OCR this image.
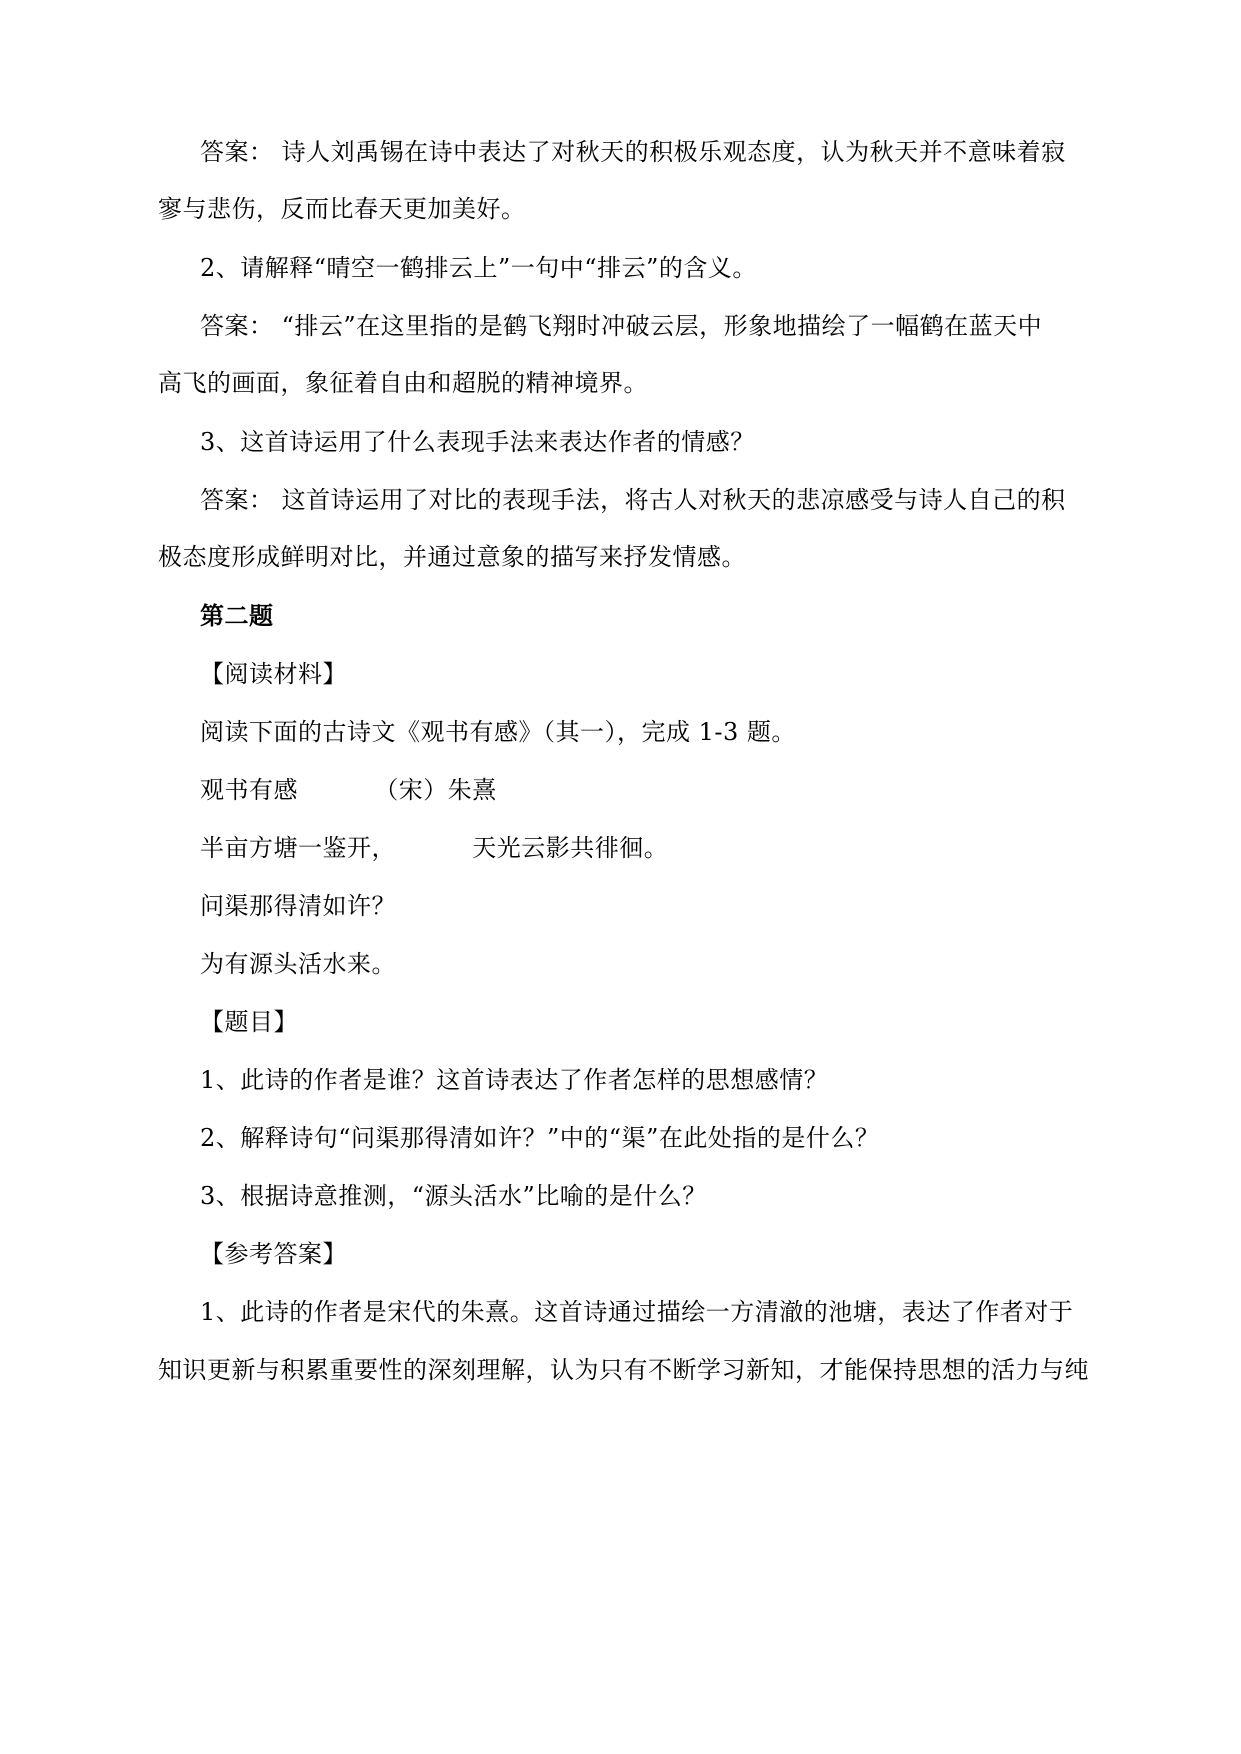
答案： 诗人刘禹锡在诗中表达了对秋天的积极乐观态度，认为秋天并不意味着寂
寥与悲伤，反而比春天更加美好。
2、请解释“晴空一鹤排云上”一句中“排云”的含义。
答案： “排云”在这里指的是鹤飞翔时冲破云层，形象地描绘了一幅鹤在蓝天中
高飞的画面，象征着自由和超脱的精神境界。
3、这首诗运用了什么表现手法来表达作者的情感？
答案： 这首诗运用了对比的表现手法，将古人对秋天的悲凉感受与诗人自己的积
极态度形成鲜明对比，并通过意象的描写来抒发情感。
第二题
【阅读材料】
阅读下面的古诗文《观书有感》（其一），完成 1-3 题。
观书有感	（宋）朱熹
半亩方塘一鉴开，	天光云影共徘徊。
问渠那得清如许？
为有源头活水来。
【题目】
1、此诗的作者是谁？这首诗表达了作者怎样的思想感情？
2、解释诗句“问渠那得清如许？”中的“渠”在此处指的是什么？
3、根据诗意推测，“源头活水”比喻的是什么？
【参考答案】
1、此诗的作者是宋代的朱熹。这首诗通过描绘一方清澈的池塘，表达了作者对于
知识更新与积累重要性的深刻理解，认为只有不断学习新知，才能保持思想的活力与纯
